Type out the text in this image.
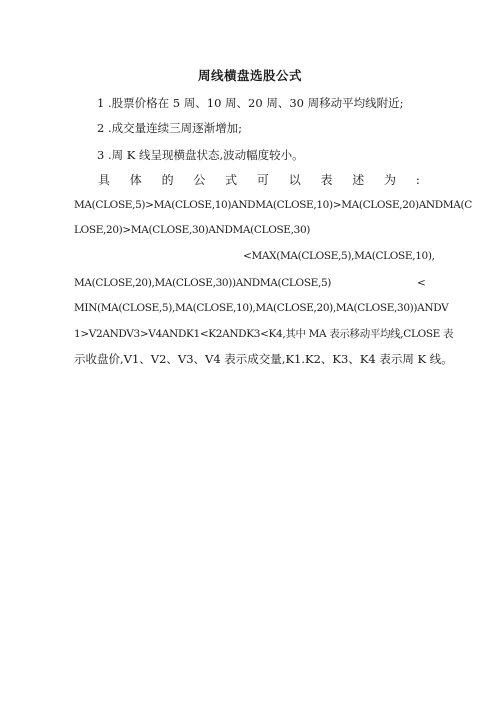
周线横盘选股公式
1 .股票价格在 5 周、10 周、20 周、30 周移动平均线附近;
2 .成交量连续三周逐渐增加;
3 .周 K 线呈现横盘状态,波动幅度较小。
具 体 的 公 式 可 以 表 述 为 :
MA(CLOSE,5)>MA(CLOSE,10)ANDMA(CLOSE,10)>MA(CLOSE,20)ANDMA(C
LOSE,20)>MA(CLOSE,30)ANDMA(CLOSE,30)
<MAX(MA(CLOSE,5),MA(CLOSE,10),
MA(CLOSE,20),MA(CLOSE,30))ANDMA(CLOSE,5)	<
MIN(MA(CLOSE,5),MA(CLOSE,10),MA(CLOSE,20),MA(CLOSE,30))ANDV
1>V2ANDV3>V4ANDK1<K2ANDK3<K4,其中 MA 表示移动平均线,CLOSE 表
示收盘价,V1、V2、V3、V4 表示成交量,K1.K2、K3、K4 表示周 K 线。
